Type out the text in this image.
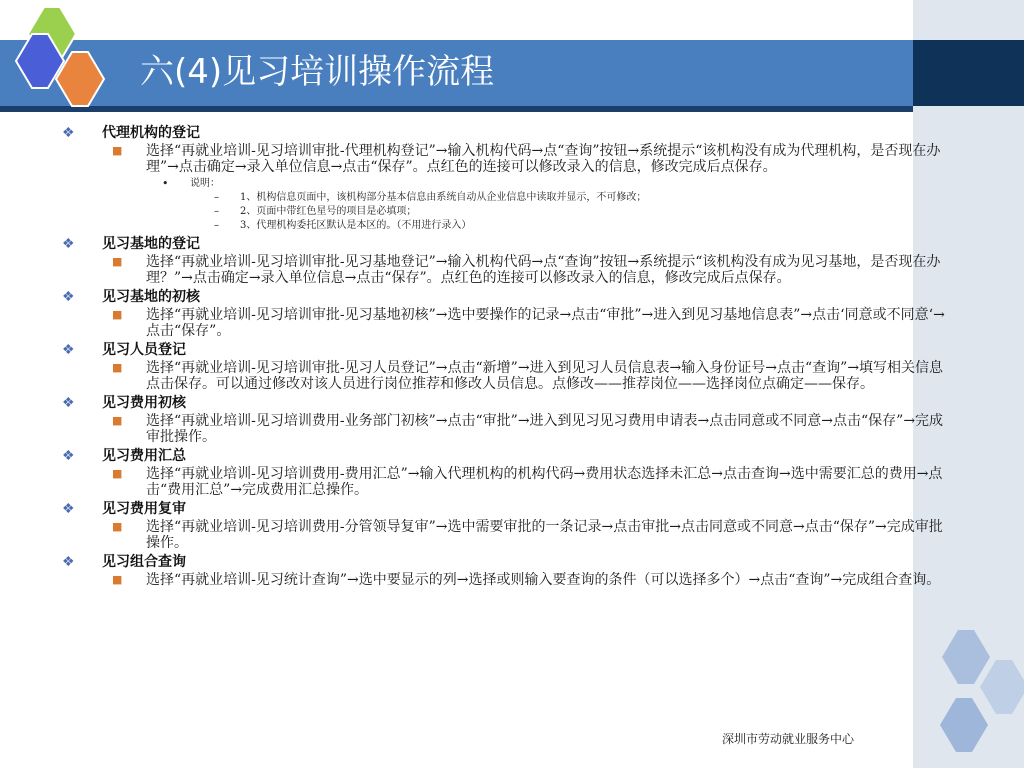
六(4)见习培训操作流程
❖ 代理机构的登记
■ 选择“再就业培训-见习培训审批-代理机构登记”→输入机构代码→点“查询”按钮→系统提示“该机构没有成为代理机构，是否现在办理”→点击确定→录入单位信息→点击“保存”。点红色的连接可以修改录入的信息，修改完成后点保存。
• 说明：
– 1、机构信息页面中，该机构部分基本信息由系统自动从企业信息中读取并显示，不可修改；
– 2、页面中带红色星号的项目是必填项；
– 3、代理机构委托区默认是本区的。（不用进行录入）
❖ 见习基地的登记
■ 选择“再就业培训-见习培训审批-见习基地登记”→输入机构代码→点“查询”按钮→系统提示“该机构没有成为见习基地，是否现在办理？”→点击确定→录入单位信息→点击“保存”。点红色的连接可以修改录入的信息，修改完成后点保存。
❖ 见习基地的初核
■ 选择“再就业培训-见习培训审批-见习基地初核”→选中要操作的记录→点击“审批”→进入到见习基地信息表”→点击‘同意或不同意‘→点击“保存”。
❖ 见习人员登记
■ 选择“再就业培训-见习培训审批-见习人员登记”→点击“新增”→进入到见习人员信息表→输入身份证号→点击“查询”→填写相关信息点击保存。可以通过修改对该人员进行岗位推荐和修改人员信息。点修改——推荐岗位——选择岗位点确定——保存。
❖ 见习费用初核
■ 选择“再就业培训-见习培训费用-业务部门初核”→点击“审批”→进入到见习见习费用申请表→点击同意或不同意→点击“保存”→完成审批操作。
❖ 见习费用汇总
■ 选择“再就业培训-见习培训费用-费用汇总”→输入代理机构的机构代码→费用状态选择未汇总→点击查询→选中需要汇总的费用→点击“费用汇总”→完成费用汇总操作。
❖ 见习费用复审
■ 选择“再就业培训-见习培训费用-分管领导复审”→选中需要审批的一条记录→点击审批→点击同意或不同意→点击“保存”→完成审批操作。
❖ 见习组合查询
■ 选择“再就业培训-见习统计查询”→选中要显示的列→选择或则输入要查询的条件（可以选择多个）→点击“查询”→完成组合查询。
深圳市劳动就业服务中心
